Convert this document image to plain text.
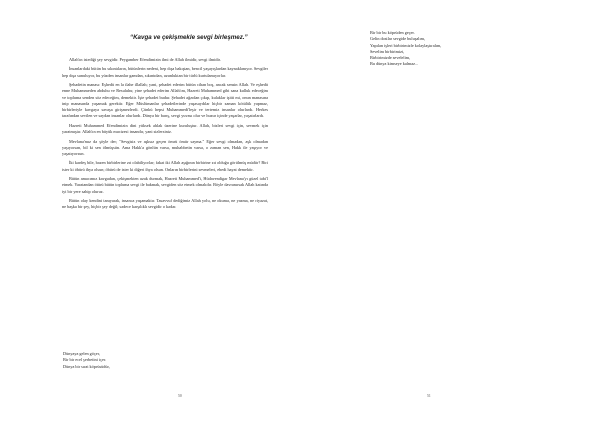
“Kavga ve çekişmekle sevgi birleşmez.”

Allah'ın istediği şey sevgidir. Peygamber Efendimizin ilmi de Allah ilmidir, sevgi ilmidir.

İnsanlardaki bütün bu sıkıntıların, bütünlerin nedeni, hep dışa bakıştan, bencil yaşayışlardan kaynaklanıyor. Sevgiler hep dışa sunuluyor, bu yüzden insanlar gamdan, sıkıntıdan, uzunluktan bir türlü kurtulamıyorlar.

Şehadetin manası: Eşhedü en la ilahe illallah; yani, şehadet ederim bütün cihan boş, ancak sensin Allah. Ve eşhedü enne Muhammeden abduhu ve Resuluhu; yine şehadet ederim Allah'ım, Hazreti Muhammed gibi sana kulluk edeceğim ve topluma senden söz edeceğim, demektir. İşte şehadet budur. Şehadet ağzıdan çıkıp, kulaklar işitti mi, onun manasına inip manasında yaşamak gerektir. Eğer Müslümanlar şehadetlerinde yaşasaydılar hiçbir zaman kötülük yapmaz, birbirleriyle kavgaya savaşa girişmezlerdi. Çünkü hepsi Muhammedi'leşir ve tertemiz insanlar olurlardı. Herkes tarafından sevilen ve saydan insanlar olurlardı. Dünya bir barış, sevgi yuvası olur ve huzur içinde yaşarlar, yaşatırlardı.

Hazreti Muhammed Efendimizin dini yüksek ahlak üzerine kuruluştur. Allah, bizleri sevgi için, sevmek için yaratmıştır. Allah'ın en büyük mucizesi insandır, yani sizlersiniz.

Mevlana'mız da şöyle der; "Sevgisiz ve aşksız geçen ömrü ömür sayma." Eğer sevgi olmadan, aşk olmadan yaşıyorsan, bil ki sen ölmüşsün. Ama Hakk'a gönlün varsa, muhabbetin varsa, o zaman sen, Hakk ile yaşıyor ve yaşatıyorsun.

İki kardeş bile, bazen birbirlerine zıt olabiliyorlar; fakat iki Allah aşığının birbirine zıt olduğu görülmüş müdür? Biri ister ki öbürü ihya olsun; öbürü de ister ki diğeri ihya olsun. Onların birbirlerini sevmeleri, ebedi hayat demektir.

Bütün amacımız kavgadan, çekişmekten uzak durmak, Hazreti Muhammed'i, Hüdavendigar Mevlana'yı güzel tabi'l etmek. Yaratandan ötürü bütün topluma sevgi ile bakmak, sevgiden söz etmek olmalıdır. Böyle davranırsak Allah katında iyi bir yere sahip oluruz.

Bütün olay kendini tanıyarak, insanca yaşamaktır. Tasavvuf dediğimiz Allah yolu, ne okuma, ne yazma, ne riyazat, ne başka bir şey, hiçbir şey değil; sadece karşılıklı sevgidir o kadar.

Dünyaya gelen göçer,
Bir bir ecel şerbetini içer.
Dünya bir sırat köprüsüdür,
50
Bir bir bu köprüden geçer.
Gelin dostlar sevgide buluşalım,
Yapılan işleri birbirimizle kolaylaştıralım,
Sevelim birbirimizi,
Birbirimizde sevelelim,
Bu dünya kimseye kalmaz...
51
